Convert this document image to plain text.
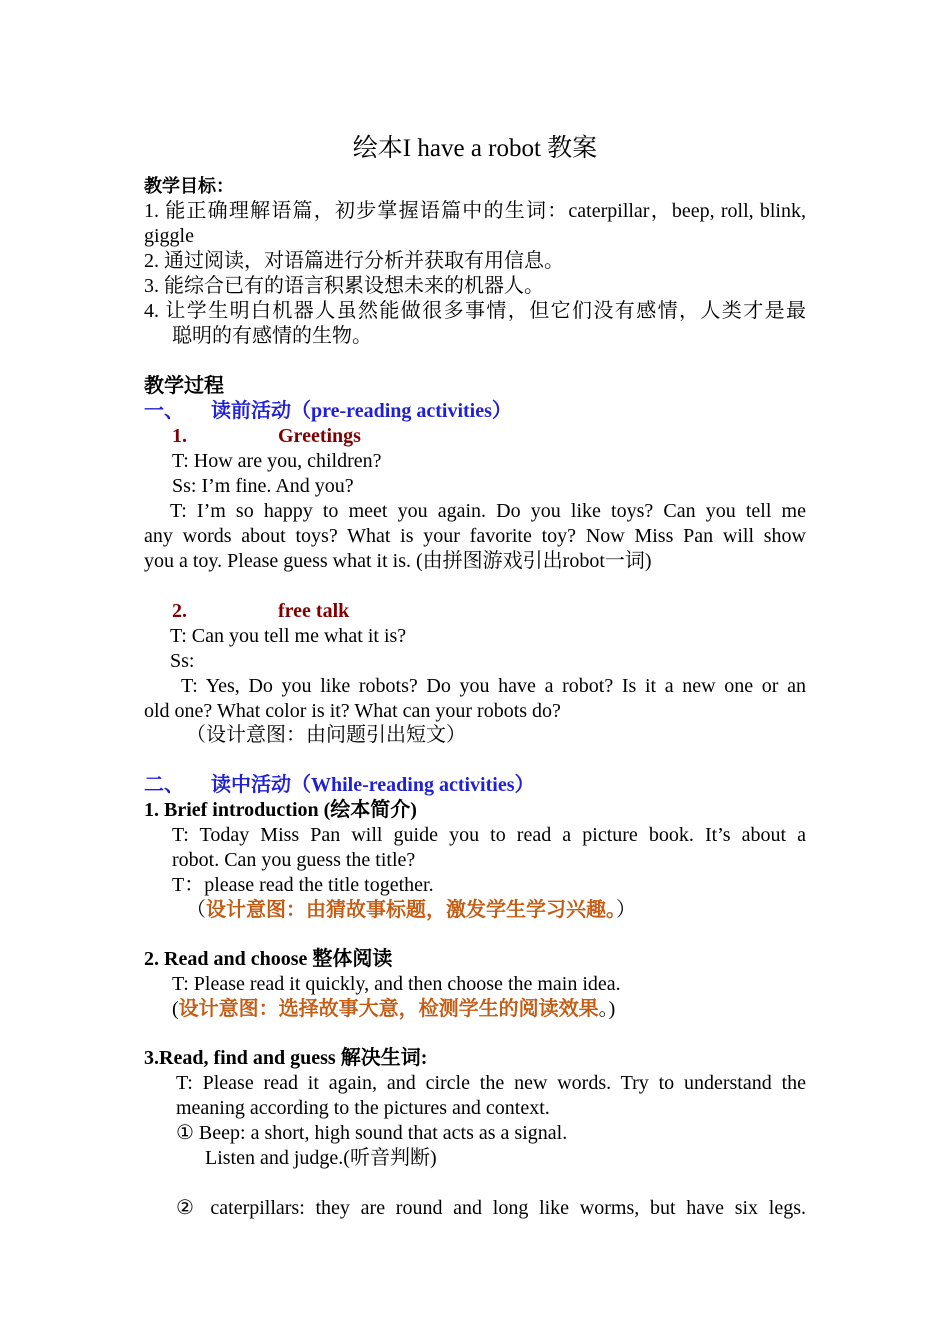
绘本I have a robot 教案
教学目标：
1. 能正确理解语篇，初步掌握语篇中的生词：caterpillar，beep, roll, blink,
giggle
2. 通过阅读，对语篇进行分析并获取有用信息。
3. 能综合已有的语言积累设想未来的机器人。
4. 让学生明白机器人虽然能做很多事情，但它们没有感情，人类才是最
聪明的有感情的生物。
教学过程
一、 读前活动（pre-reading activities）
1.	Greetings
T: How are you, children?
Ss: I’m fine. And you?
T: I’m so happy to meet you again. Do you like toys? Can you tell me
any words about toys? What is your favorite toy? Now Miss Pan will show
you a toy. Please guess what it is. (由拼图游戏引出robot一词)
2.	free talk
T: Can you tell me what it is?
Ss:
T: Yes, Do you like robots? Do you have a robot? Is it a new one or an
old one? What color is it? What can your robots do?
（设计意图：由问题引出短文）
二、 读中活动（While-reading activities）
1. Brief introduction (绘本简介)
T: Today Miss Pan will guide you to read a picture book. It’s about a
robot. Can you guess the title?
T：please read the title together.
（设计意图：由猜故事标题，激发学生学习兴趣。）
2. Read and choose 整体阅读
T: Please read it quickly, and then choose the main idea.
(设计意图：选择故事大意，检测学生的阅读效果。)
3.Read, find and guess 解决生词:
T: Please read it again, and circle the new words. Try to understand the
meaning according to the pictures and context.
① Beep: a short, high sound that acts as a signal.
Listen and judge.(听音判断)
② caterpillars: they are round and long like worms, but have six legs.
